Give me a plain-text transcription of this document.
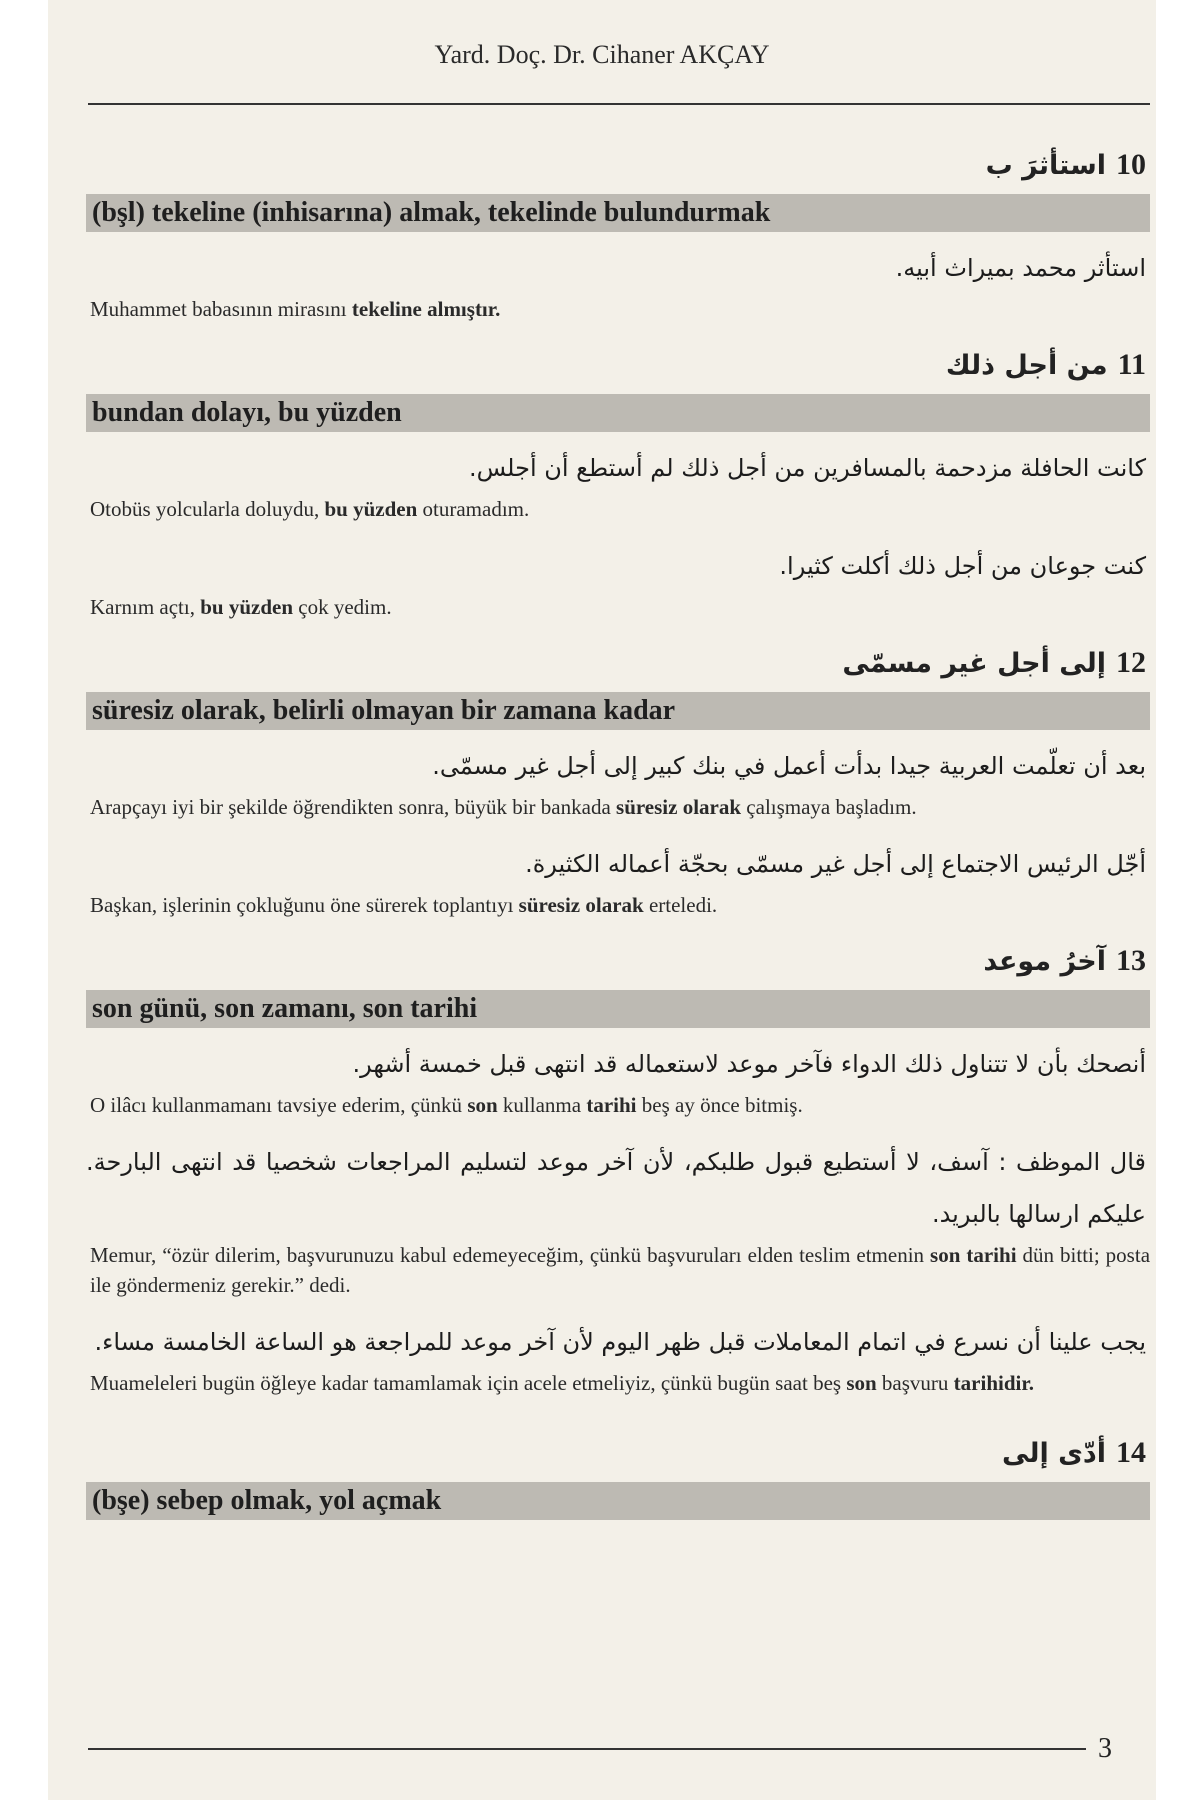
Yard. Doç. Dr. Cihaner AKÇAY
10استأثرَ ب
(bşl) tekeline (inhisarına) almak, tekelinde bulundurmak
استأثر محمد بميراث أبيه.
Muhammet babasının mirasını tekeline almıştır.
11من أجل ذلك
bundan dolayı, bu yüzden
كانت الحافلة مزدحمة بالمسافرين من أجل ذلك لم أستطع أن أجلس.
Otobüs yolcularla doluydu, bu yüzden oturamadım.
كنت جوعان من أجل ذلك أكلت كثيرا.
Karnım açtı, bu yüzden çok yedim.
12إلى أجل غير مسمّى
süresiz olarak, belirli olmayan bir zamana kadar
بعد أن تعلّمت العربية جيدا بدأت أعمل في بنك كبير إلى أجل غير مسمّى.
Arapçayı iyi bir şekilde öğrendikten sonra, büyük bir bankada süresiz olarak çalışmaya başladım.
أجّل الرئيس الاجتماع إلى أجل غير مسمّى بحجّة أعماله الكثيرة.
Başkan, işlerinin çokluğunu öne sürerek toplantıyı süresiz olarak erteledi.
13آخرُ موعد
son günü, son zamanı, son tarihi
أنصحك بأن لا تتناول ذلك الدواء فآخر موعد لاستعماله قد انتهى قبل خمسة أشهر.
O ilâcı kullanmamanı tavsiye ederim, çünkü son kullanma tarihi beş ay önce bitmiş.
قال الموظف : آسف، لا أستطيع قبول طلبكم، لأن آخر موعد لتسليم المراجعات شخصيا قد انتهى البارحة. عليكم ارسالها بالبريد.
Memur, “özür dilerim, başvurunuzu kabul edemeyeceğim, çünkü başvuruları elden teslim etmenin son tarihi dün bitti; posta ile göndermeniz gerekir.” dedi.
يجب علينا أن نسرع في اتمام المعاملات قبل ظهر اليوم لأن آخر موعد للمراجعة هو الساعة الخامسة مساء.
Muameleleri bugün öğleye kadar tamamlamak için acele etmeliyiz, çünkü bugün saat beş son başvuru tarihidir.
14أدّى إلى
(bşe) sebep olmak, yol açmak
3
